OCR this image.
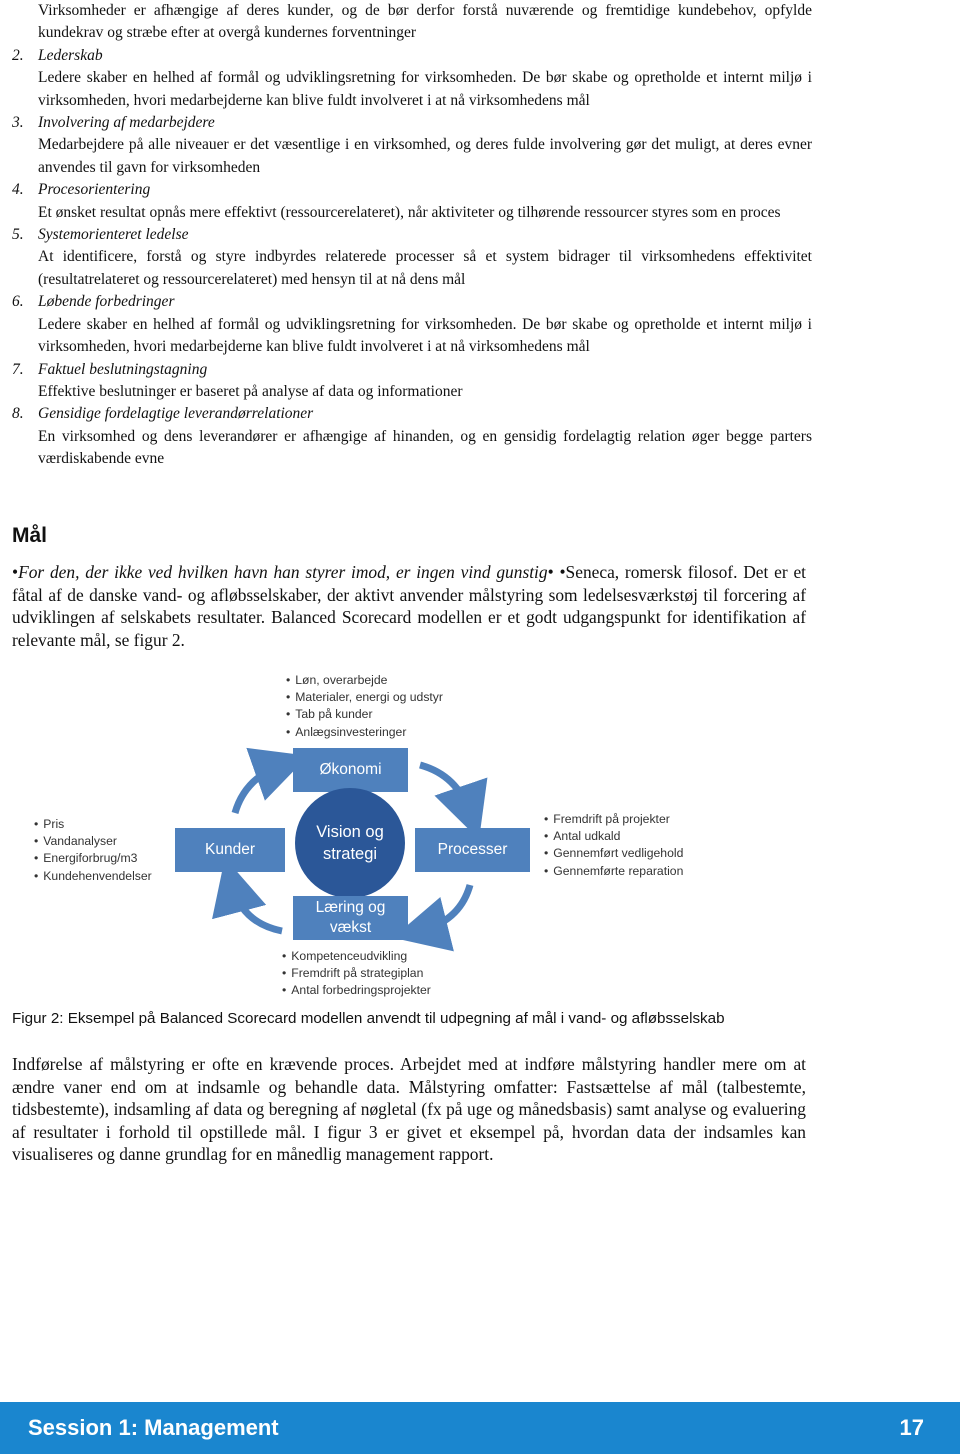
Virksomheder er afhængige af deres kunder, og de bør derfor forstå nuværende og fremtidige kundebehov, opfylde kundekrav og stræbe efter at overgå kundernes forventninger
2. Lederskab
Ledere skaber en helhed af formål og udviklingsretning for virksomheden. De bør skabe og opretholde et internt miljø i virksomheden, hvori medarbejderne kan blive fuldt involveret i at nå virksomhedens mål
3. Involvering af medarbejdere
Medarbejdere på alle niveauer er det væsentlige i en virksomhed, og deres fulde involvering gør det muligt, at deres evner anvendes til gavn for virksomheden
4. Procesorientering
Et ønsket resultat opnås mere effektivt (ressourcerelateret), når aktiviteter og tilhørende ressourcer styres som en proces
5. Systemorienteret ledelse
At identificere, forstå og styre indbyrdes relaterede processer så et system bidrager til virksomhedens effektivitet (resultatrelateret og ressourcerelateret) med hensyn til at nå dens mål
6. Løbende forbedringer
Ledere skaber en helhed af formål og udviklingsretning for virksomheden. De bør skabe og opretholde et internt miljø i virksomheden, hvori medarbejderne kan blive fuldt involveret i at nå virksomhedens mål
7. Faktuel beslutningstagning
Effektive beslutninger er baseret på analyse af data og informationer
8. Gensidige fordelagtige leverandørrelationer
En virksomhed og dens leverandører er afhængige af hinanden, og en gensidig fordelagtig relation øger begge parters værdiskabende evne
Mål
•For den, der ikke ved hvilken havn han styrer imod, er ingen vind gunstig• •Seneca, romersk filosof. Det er et fåtal af de danske vand- og afløbsselskaber, der aktivt anvender målstyring som ledelsesværkstøj til forcering af udviklingen af selskabets resultater. Balanced Scorecard modellen er et godt udgangspunkt for identifikation af relevante mål, se figur 2.
• Løn, overarbejde
• Materialer, energi og udstyr
• Tab på kunder
• Anlægsinvesteringer
Økonomi
• Pris
• Vandanalyser
• Energiforbrug/m3
• Kundehenvendelser
Kunder
Vision og strategi	Processer
• Fremdrift på projekter
• Antal udkald
• Gennemført vedligehold
• Gennemførte reparation
Læring og vækst
• Kompetenceudvikling
• Fremdrift på strategiplan
• Antal forbedringsprojekter
Figur 2: Eksempel på Balanced Scorecard modellen anvendt til udpegning af mål i vand- og afløbsselskab
Indførelse af målstyring er ofte en krævende proces. Arbejdet med at indføre målstyring handler mere om at ændre vaner end om at indsamle og behandle data. Målstyring omfatter: Fastsættelse af mål (talbestemte, tidsbestemte), indsamling af data og beregning af nøgletal (fx på uge og månedsbasis) samt analyse og evaluering af resultater i forhold til opstillede mål. I figur 3 er givet et eksempel på, hvordan data der indsamles kan visualiseres og danne grundlag for en månedlig management rapport.
Session 1: Management	17
